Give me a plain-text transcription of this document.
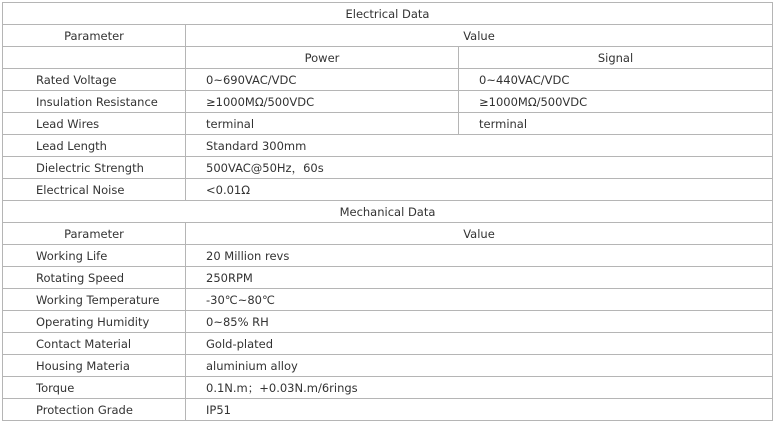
Electrical Data		
Parameter	Value	
	Power	Signal
Rated Voltage	0~690VAC/VDC	0~440VAC/VDC
Insulation Resistance	≥1000MΩ/500VDC	≥1000MΩ/500VDC
Lead Wires	terminal	terminal
Lead Length	Standard 300mm	
Dielectric Strength	500VAC@50Hz，60s	
Electrical Noise	<0.01Ω	
Mechanical Data		
Parameter	Value	
Working Life	20 Million revs	
Rotating Speed	250RPM	
Working Temperature	-30℃~80℃	
Operating Humidity	0~85% RH	
Contact Material	Gold-plated	
Housing Materia	aluminium alloy	
Torque	0.1N.m；+0.03N.m/6rings	
Protection Grade	IP51	
